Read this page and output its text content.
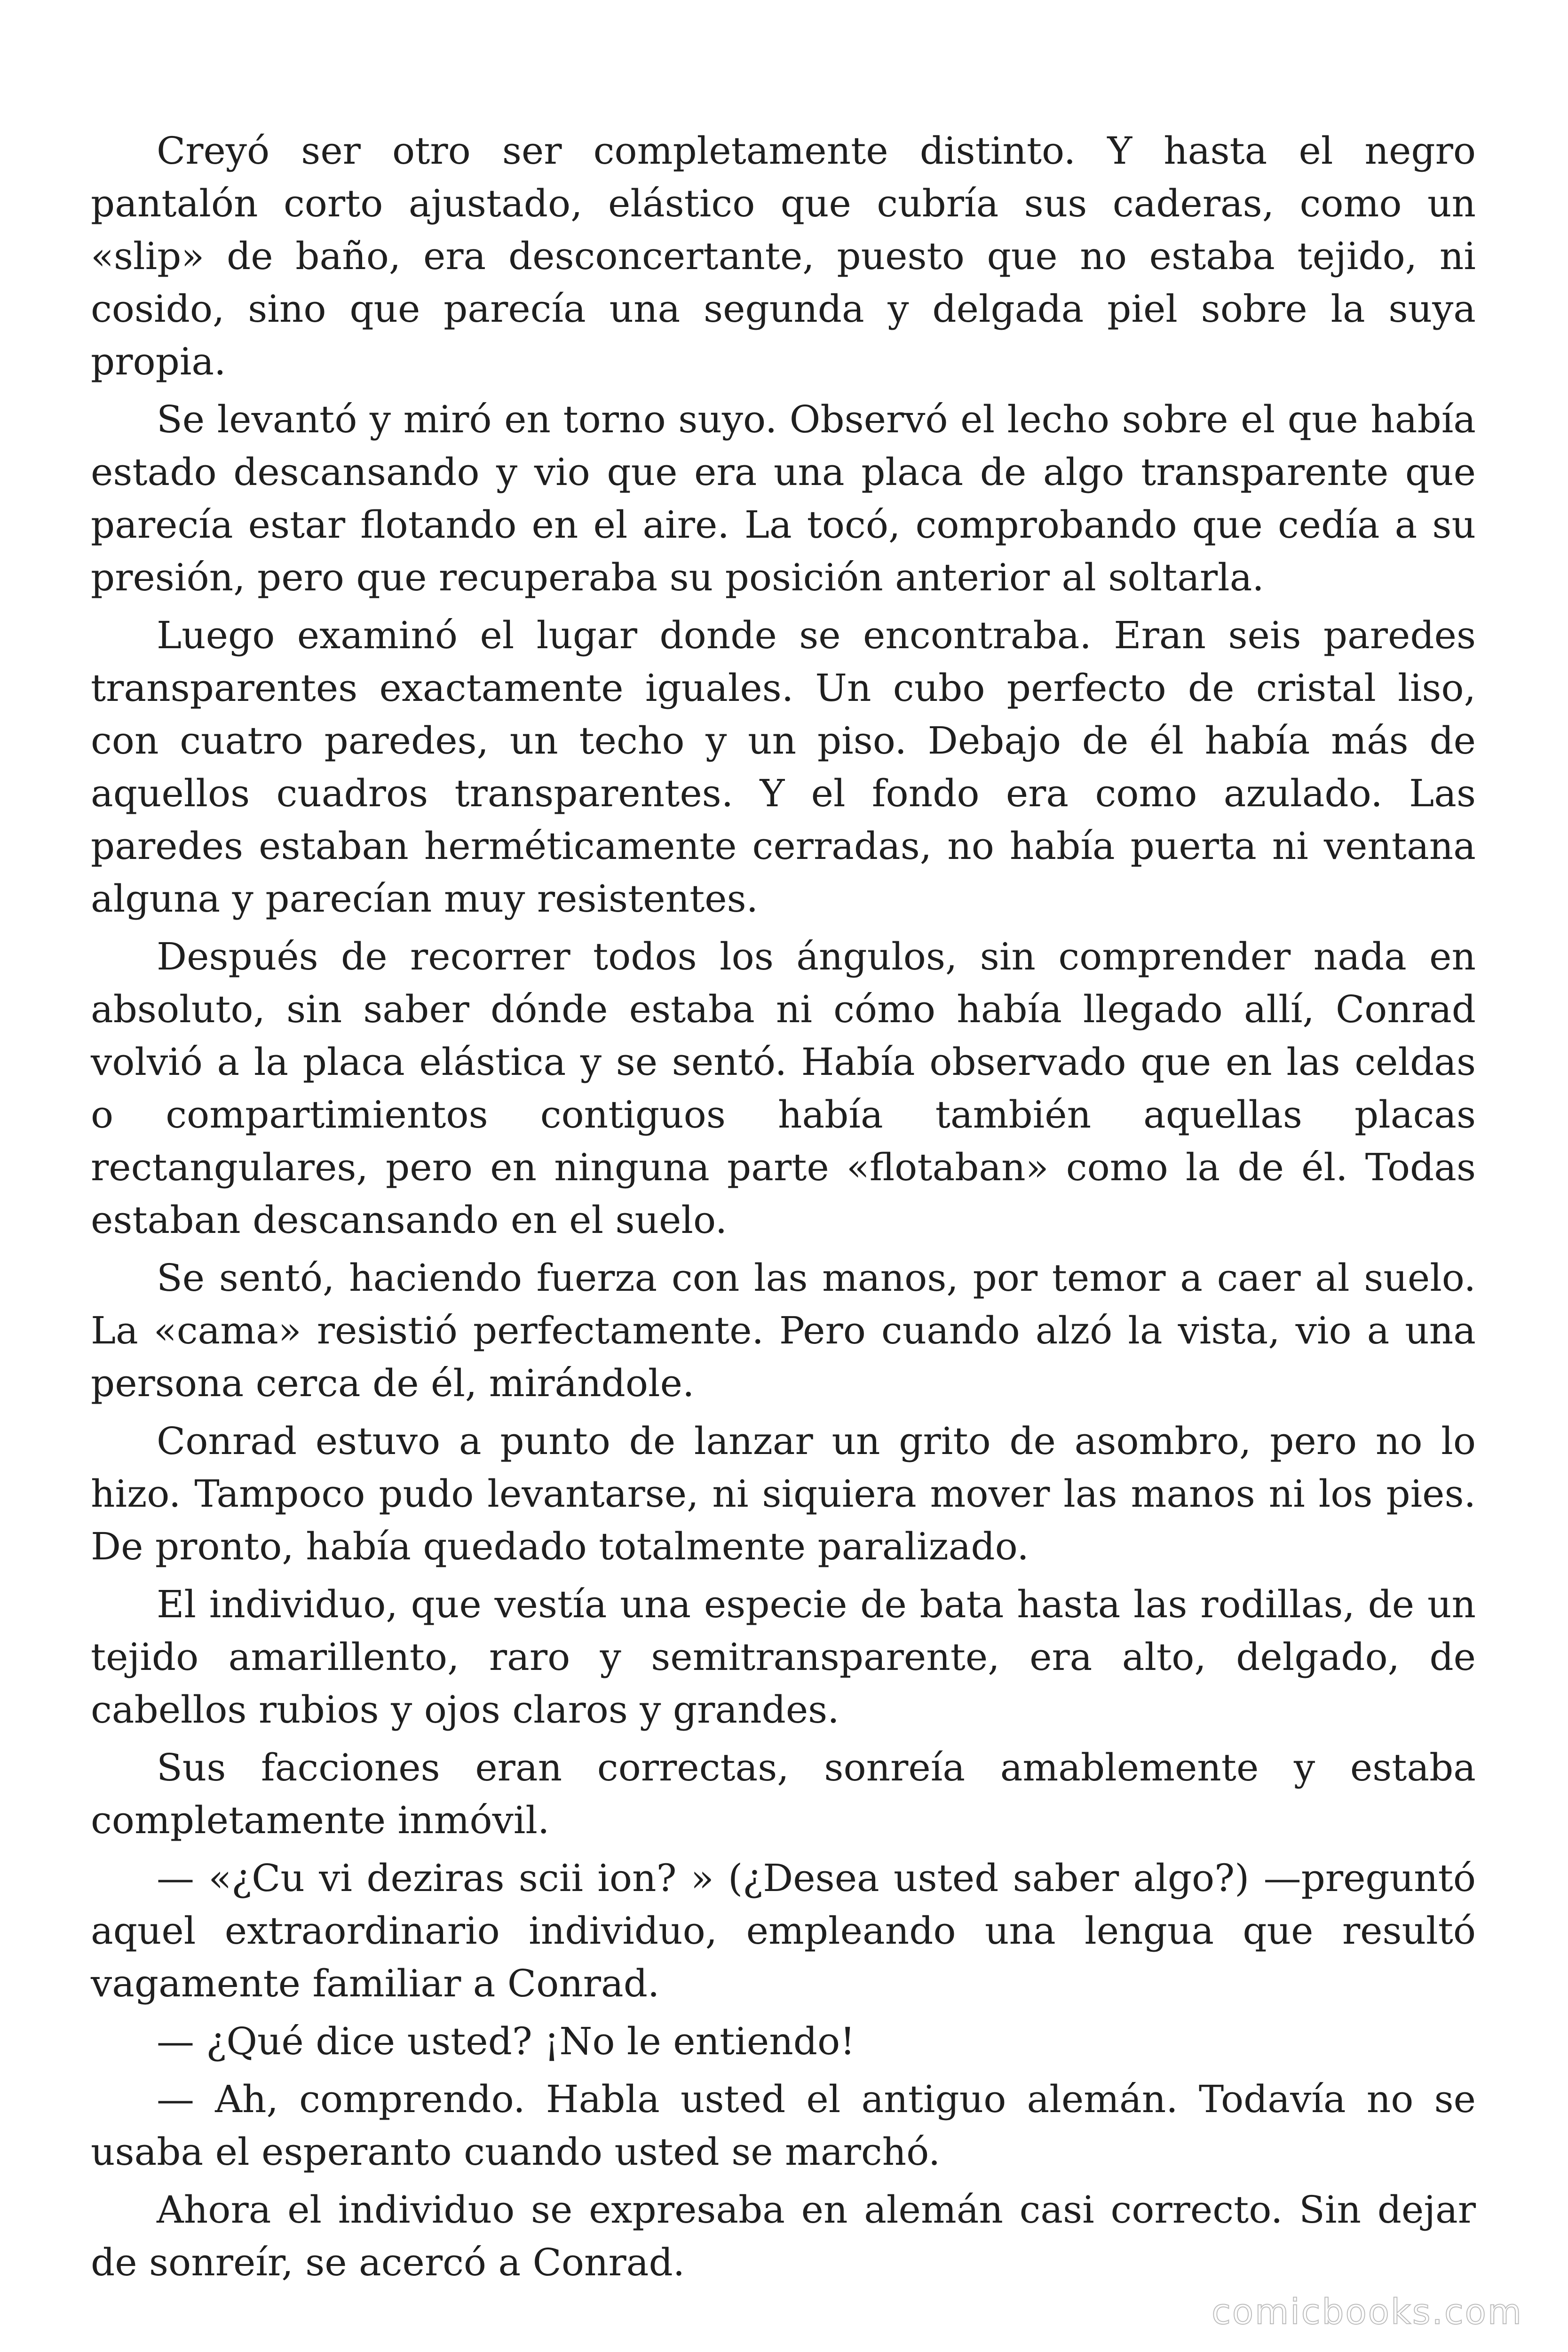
Creyó ser otro ser completamente distinto. Y hasta el negro pantalón corto ajustado, elástico que cubría sus caderas, como un «slip» de baño, era desconcertante, puesto que no estaba tejido, ni cosido, sino que parecía una segunda y delgada piel sobre la suya propia.

Se levantó y miró en torno suyo. Observó el lecho sobre el que había estado descansando y vio que era una placa de algo transparente que parecía estar flotando en el aire. La tocó, comprobando que cedía a su presión, pero que recuperaba su posición anterior al soltarla.

Luego examinó el lugar donde se encontraba. Eran seis paredes transparentes exactamente iguales. Un cubo perfecto de cristal liso, con cuatro paredes, un techo y un piso. Debajo de él había más de aquellos cuadros transparentes. Y el fondo era como azulado. Las paredes estaban herméticamente cerradas, no había puerta ni ventana alguna y parecían muy resistentes.

Después de recorrer todos los ángulos, sin comprender nada en absoluto, sin saber dónde estaba ni cómo había llegado allí, Conrad volvió a la placa elástica y se sentó. Había observado que en las celdas o compartimientos contiguos había también aquellas placas rectangulares, pero en ninguna parte «flotaban» como la de él. Todas estaban descansando en el suelo.

Se sentó, haciendo fuerza con las manos, por temor a caer al suelo. La «cama» resistió perfectamente. Pero cuando alzó la vista, vio a una persona cerca de él, mirándole.

Conrad estuvo a punto de lanzar un grito de asombro, pero no lo hizo. Tampoco pudo levantarse, ni siquiera mover las manos ni los pies. De pronto, había quedado totalmente paralizado.

El individuo, que vestía una especie de bata hasta las rodillas, de un tejido amarillento, raro y semitransparente, era alto, delgado, de cabellos rubios y ojos claros y grandes.

Sus facciones eran correctas, sonreía amablemente y estaba completamente inmóvil.

— «¿Cu vi deziras scii ion? » (¿Desea usted saber algo?) —preguntó aquel extraordinario individuo, empleando una lengua que resultó vagamente familiar a Conrad.

— ¿Qué dice usted? ¡No le entiendo!

— Ah, comprendo. Habla usted el antiguo alemán. Todavía no se usaba el esperanto cuando usted se marchó.

Ahora el individuo se expresaba en alemán casi correcto. Sin dejar de sonreír, se acercó a Conrad.

comicbooks.com
